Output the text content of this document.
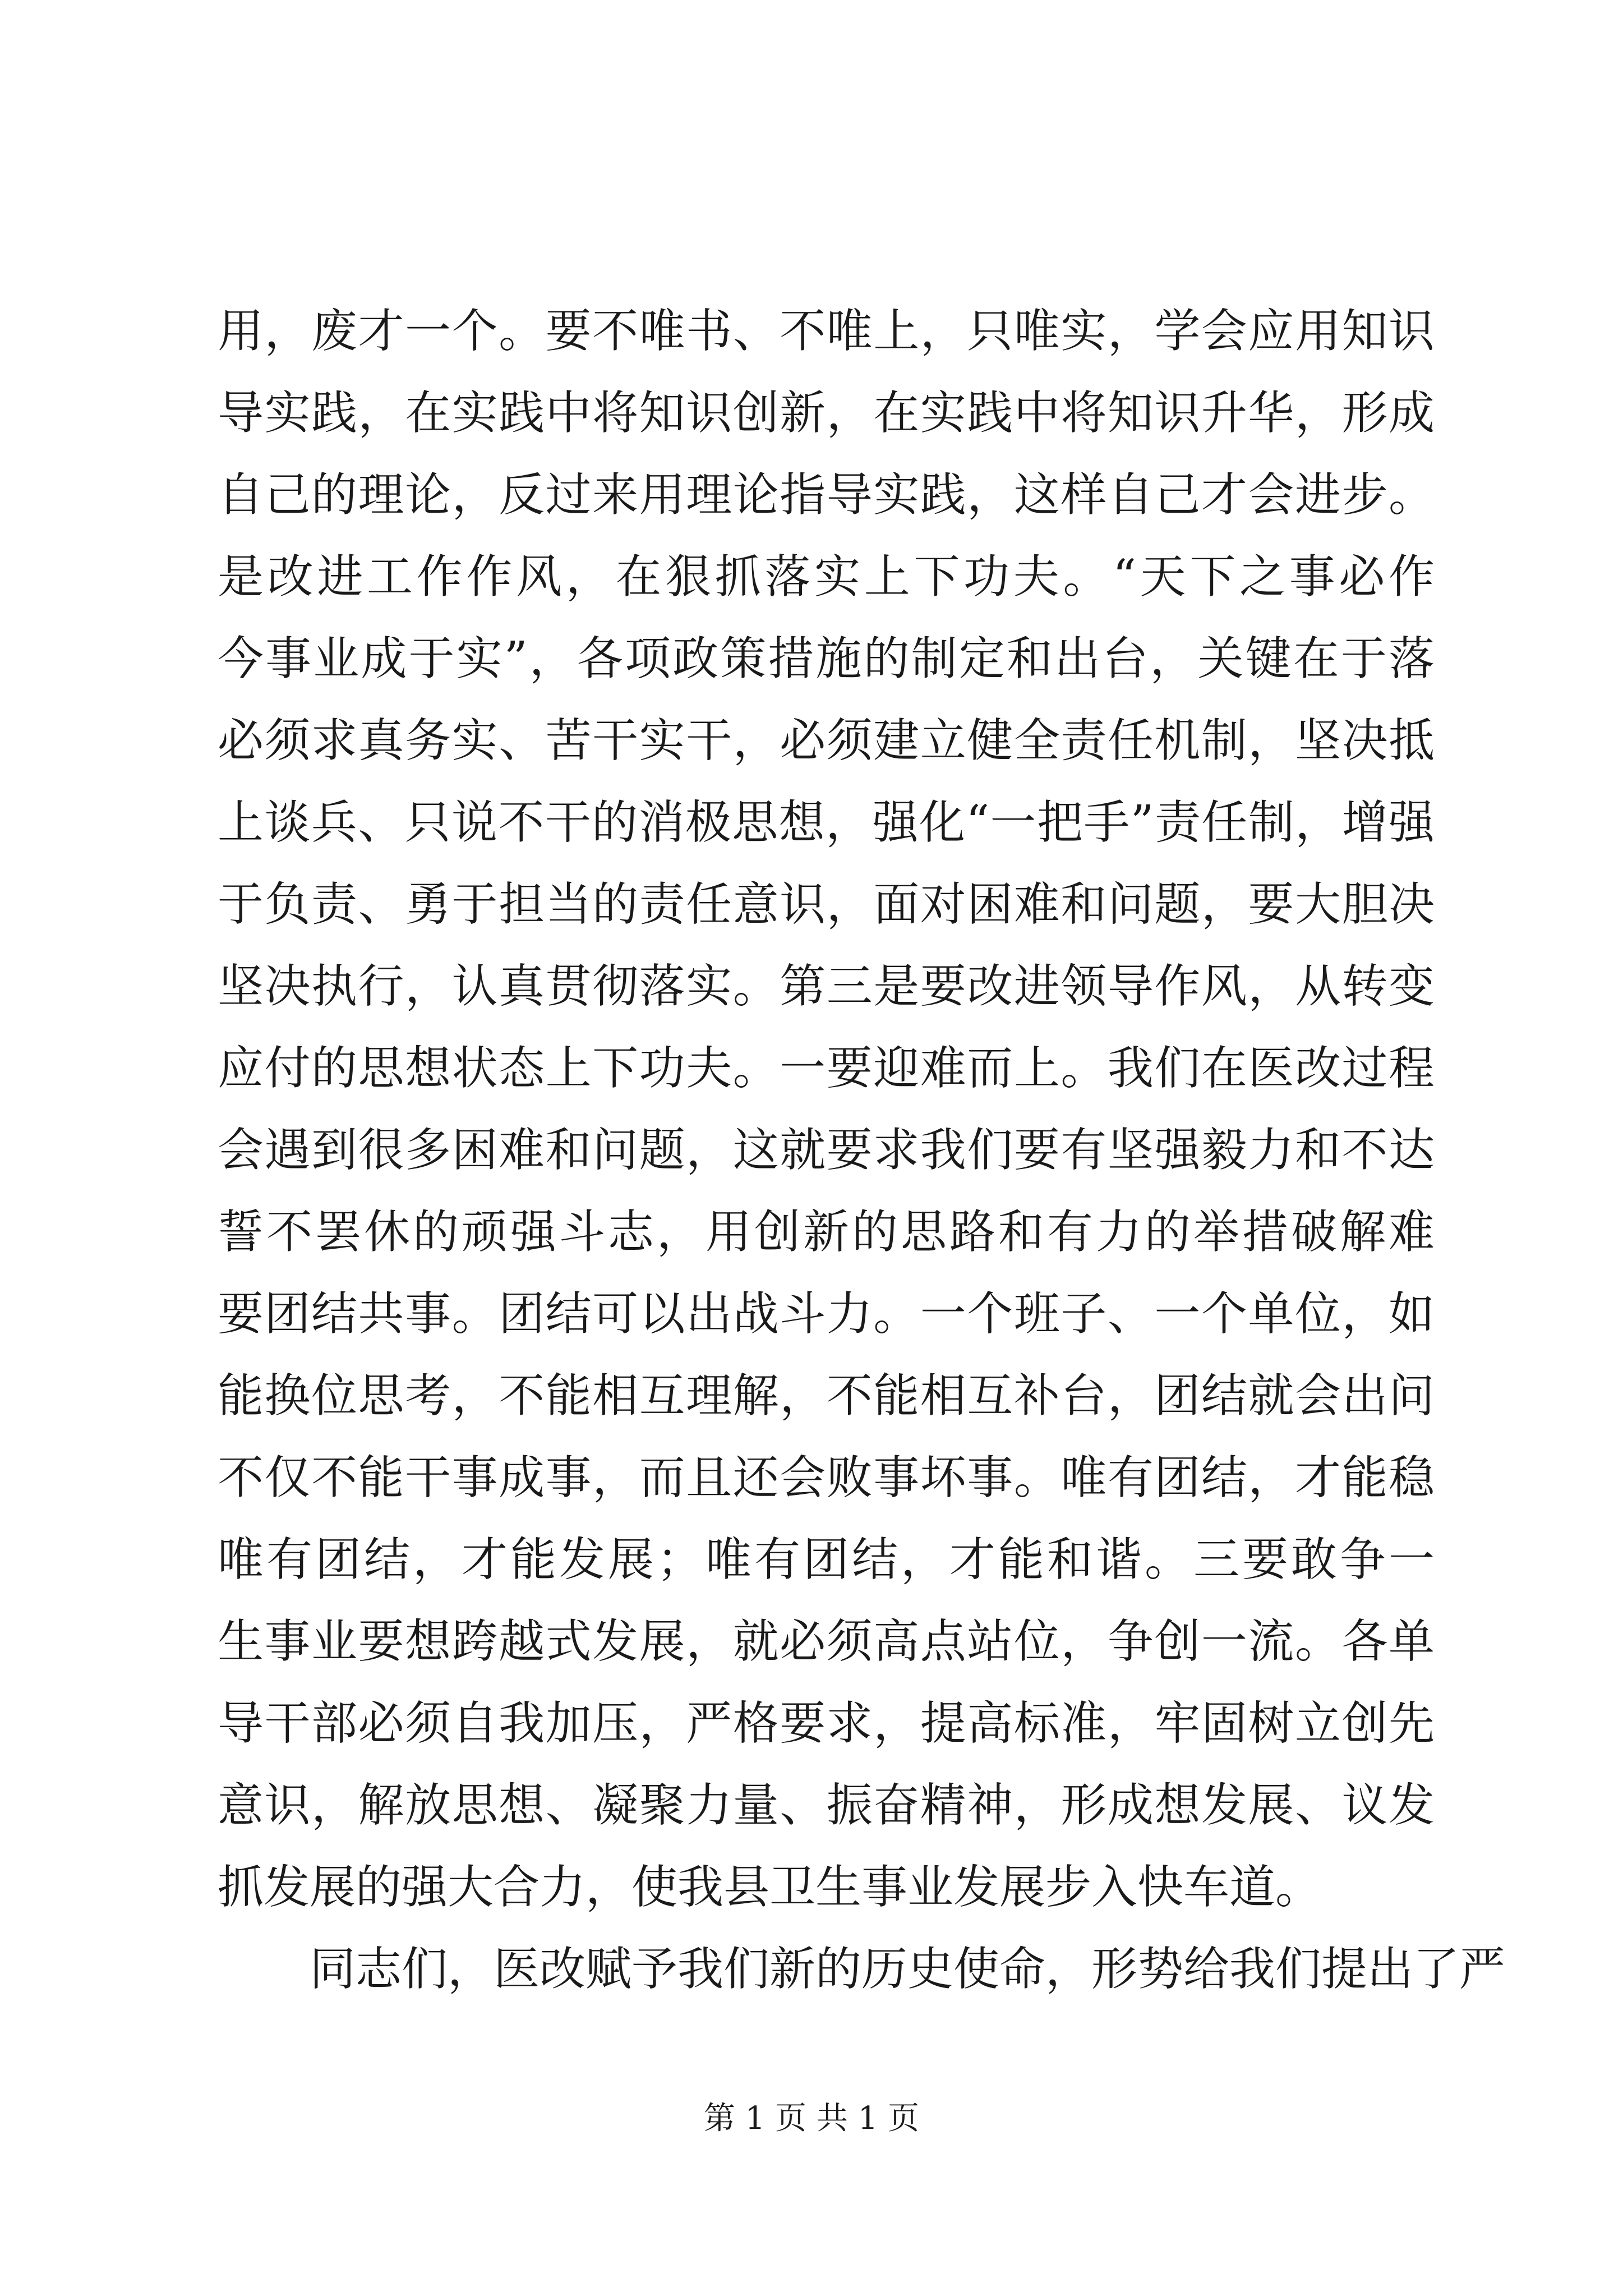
用，废才一个。要不唯书、不唯上，只唯实，学会应用知识
导实践，在实践中将知识创新，在实践中将知识升华，形成
自己的理论，反过来用理论指导实践，这样自己才会进步。
是改进工作作风，在狠抓落实上下功夫。“天下之事必作
今事业成于实”，各项政策措施的制定和出台，关键在于落
必须求真务实、苦干实干，必须建立健全责任机制，坚决抵
上谈兵、只说不干的消极思想，强化“一把手”责任制，增强
于负责、勇于担当的责任意识，面对困难和问题，要大胆决
坚决执行，认真贯彻落实。第三是要改进领导作风，从转变
应付的思想状态上下功夫。一要迎难而上。我们在医改过程
会遇到很多困难和问题，这就要求我们要有坚强毅力和不达
誓不罢休的顽强斗志，用创新的思路和有力的举措破解难
要团结共事。团结可以出战斗力。一个班子、一个单位，如
能换位思考，不能相互理解，不能相互补台，团结就会出问
不仅不能干事成事，而且还会败事坏事。唯有团结，才能稳
唯有团结，才能发展；唯有团结，才能和谐。三要敢争一
生事业要想跨越式发展，就必须高点站位，争创一流。各单
导干部必须自我加压，严格要求，提高标准，牢固树立创先
意识，解放思想、凝聚力量、振奋精神，形成想发展、议发
抓发展的强大合力，使我县卫生事业发展步入快车道。
同志们，医改赋予我们新的历史使命，形势给我们提出了严
第 1 页 共 1 页
